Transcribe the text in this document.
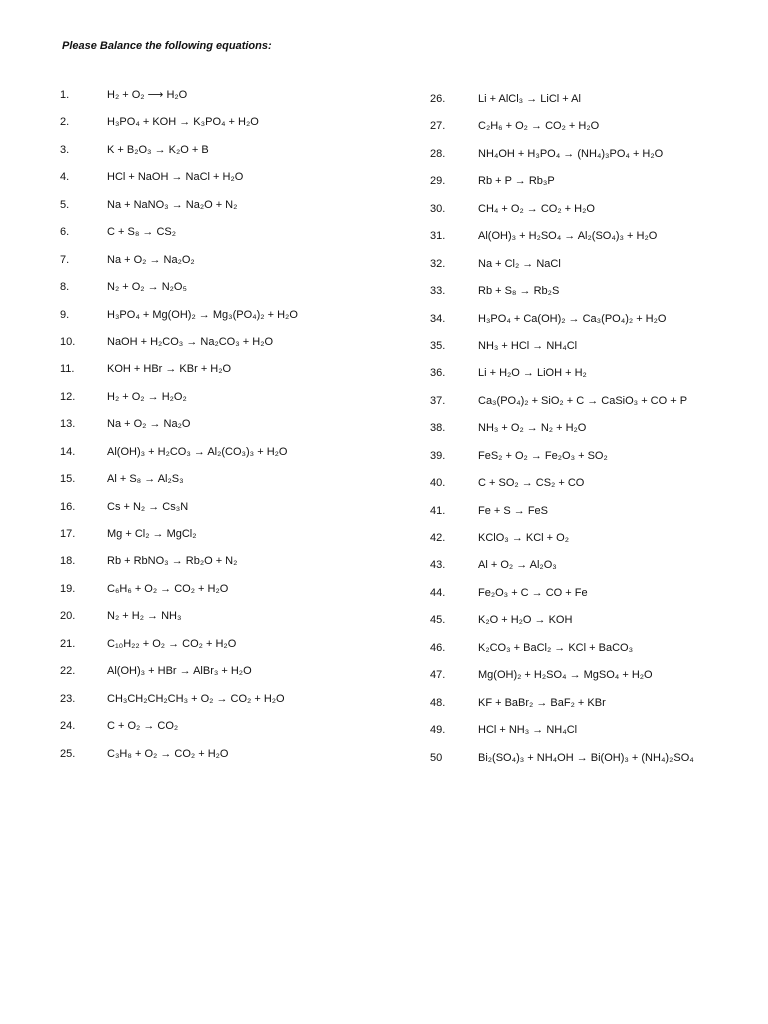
Please Balance the following equations:
1.	H₂ + O₂ ⟶ H₂O
2.	H₃PO₄ + KOH → K₃PO₄ + H₂O
3.	K + B₂O₃ → K₂O + B
4.	HCl + NaOH → NaCl + H₂O
5.	Na + NaNO₃ → Na₂O + N₂
6.	C + S₈ → CS₂
7.	Na + O₂ → Na₂O₂
8.	N₂ + O₂ → N₂O₅
9.	H₃PO₄ + Mg(OH)₂ → Mg₃(PO₄)₂ + H₂O
10.	NaOH + H₂CO₃ → Na₂CO₃ + H₂O
11.	KOH + HBr → KBr + H₂O
12.	H₂ + O₂ → H₂O₂
13.	Na + O₂ → Na₂O
14.	Al(OH)₃ + H₂CO₃ → Al₂(CO₃)₃ + H₂O
15.	Al + S₈ → Al₂S₃
16.	Cs + N₂ → Cs₃N
17.	Mg + Cl₂ → MgCl₂
18.	Rb + RbNO₃ → Rb₂O + N₂
19.	C₆H₆ + O₂ → CO₂ + H₂O
20.	N₂ + H₂ → NH₃
21.	C₁₀H₂₂ + O₂ → CO₂ + H₂O
22.	Al(OH)₃ + HBr → AlBr₃ + H₂O
23.	CH₃CH₂CH₂CH₃ + O₂ → CO₂ + H₂O
24.	C + O₂ → CO₂
25.	C₃H₈ + O₂ → CO₂ + H₂O
26.	Li + AlCl₃ → LiCl + Al
27.	C₂H₆ + O₂ → CO₂ + H₂O
28.	NH₄OH + H₃PO₄ → (NH₄)₃PO₄ + H₂O
29.	Rb + P → Rb₃P
30.	CH₄ + O₂ → CO₂ + H₂O
31.	Al(OH)₃ + H₂SO₄ → Al₂(SO₄)₃ + H₂O
32.	Na + Cl₂ → NaCl
33.	Rb + S₈ → Rb₂S
34.	H₃PO₄ + Ca(OH)₂ → Ca₃(PO₄)₂ + H₂O
35.	NH₃ + HCl → NH₄Cl
36.	Li + H₂O → LiOH + H₂
37.	Ca₃(PO₄)₂ + SiO₂ + C → CaSiO₃ + CO + P
38.	NH₃ + O₂ → N₂ + H₂O
39.	FeS₂ + O₂ → Fe₂O₃ + SO₂
40.	C + SO₂ → CS₂ + CO
41.	Fe + S → FeS
42.	KClO₃ → KCl + O₂
43.	Al + O₂ → Al₂O₃
44.	Fe₂O₃ + C → CO + Fe
45.	K₂O + H₂O → KOH
46.	K₂CO₃ + BaCl₂ → KCl + BaCO₃
47.	Mg(OH)₂ + H₂SO₄ → MgSO₄ + H₂O
48.	KF + BaBr₂ → BaF₂ + KBr
49.	HCl + NH₃ → NH₄Cl
50	Bi₂(SO₄)₃ + NH₄OH → Bi(OH)₃ + (NH₄)₂SO₄
